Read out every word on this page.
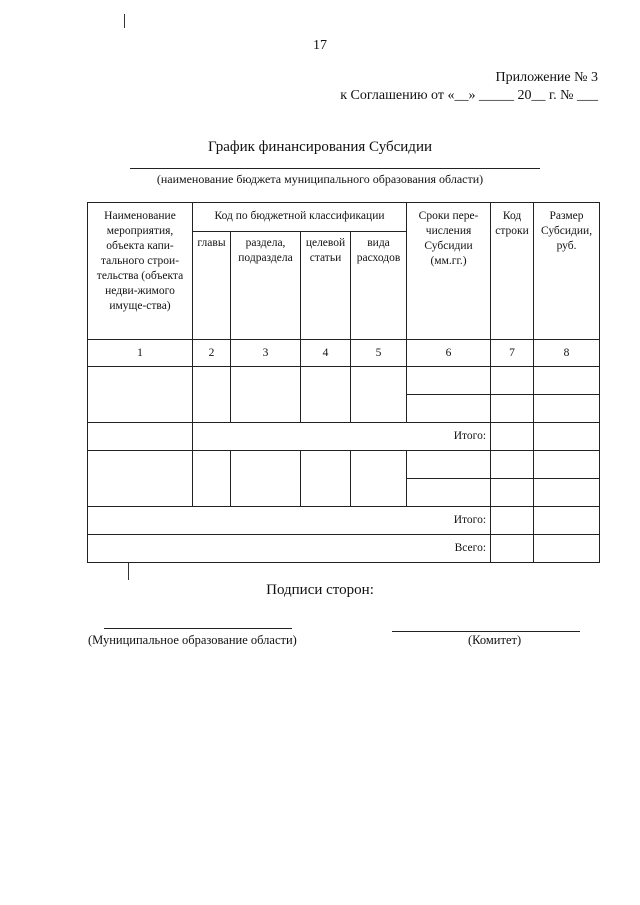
17
Приложение № 3
к Соглашению от «__» _____ 20__ г. № ___
График финансирования Субсидии
(наименование бюджета муниципального образования области)
Наименование мероприятия, объекта капи-тального строи-тельства (объекта недви-жимого имуще-ства)	Код по бюджетной классификации				Сроки пере-числения Субсидии (мм.гг.)	Код строки	Размер Субсидии, руб.
	главы	раздела, подраздела	целевой статьи	вида расходов			
1	2	3	4	5	6	7	8

	Итого:						

Итого:							
Всего:							
Подписи сторон:
(Муниципальное образование области)	(Комитет)
